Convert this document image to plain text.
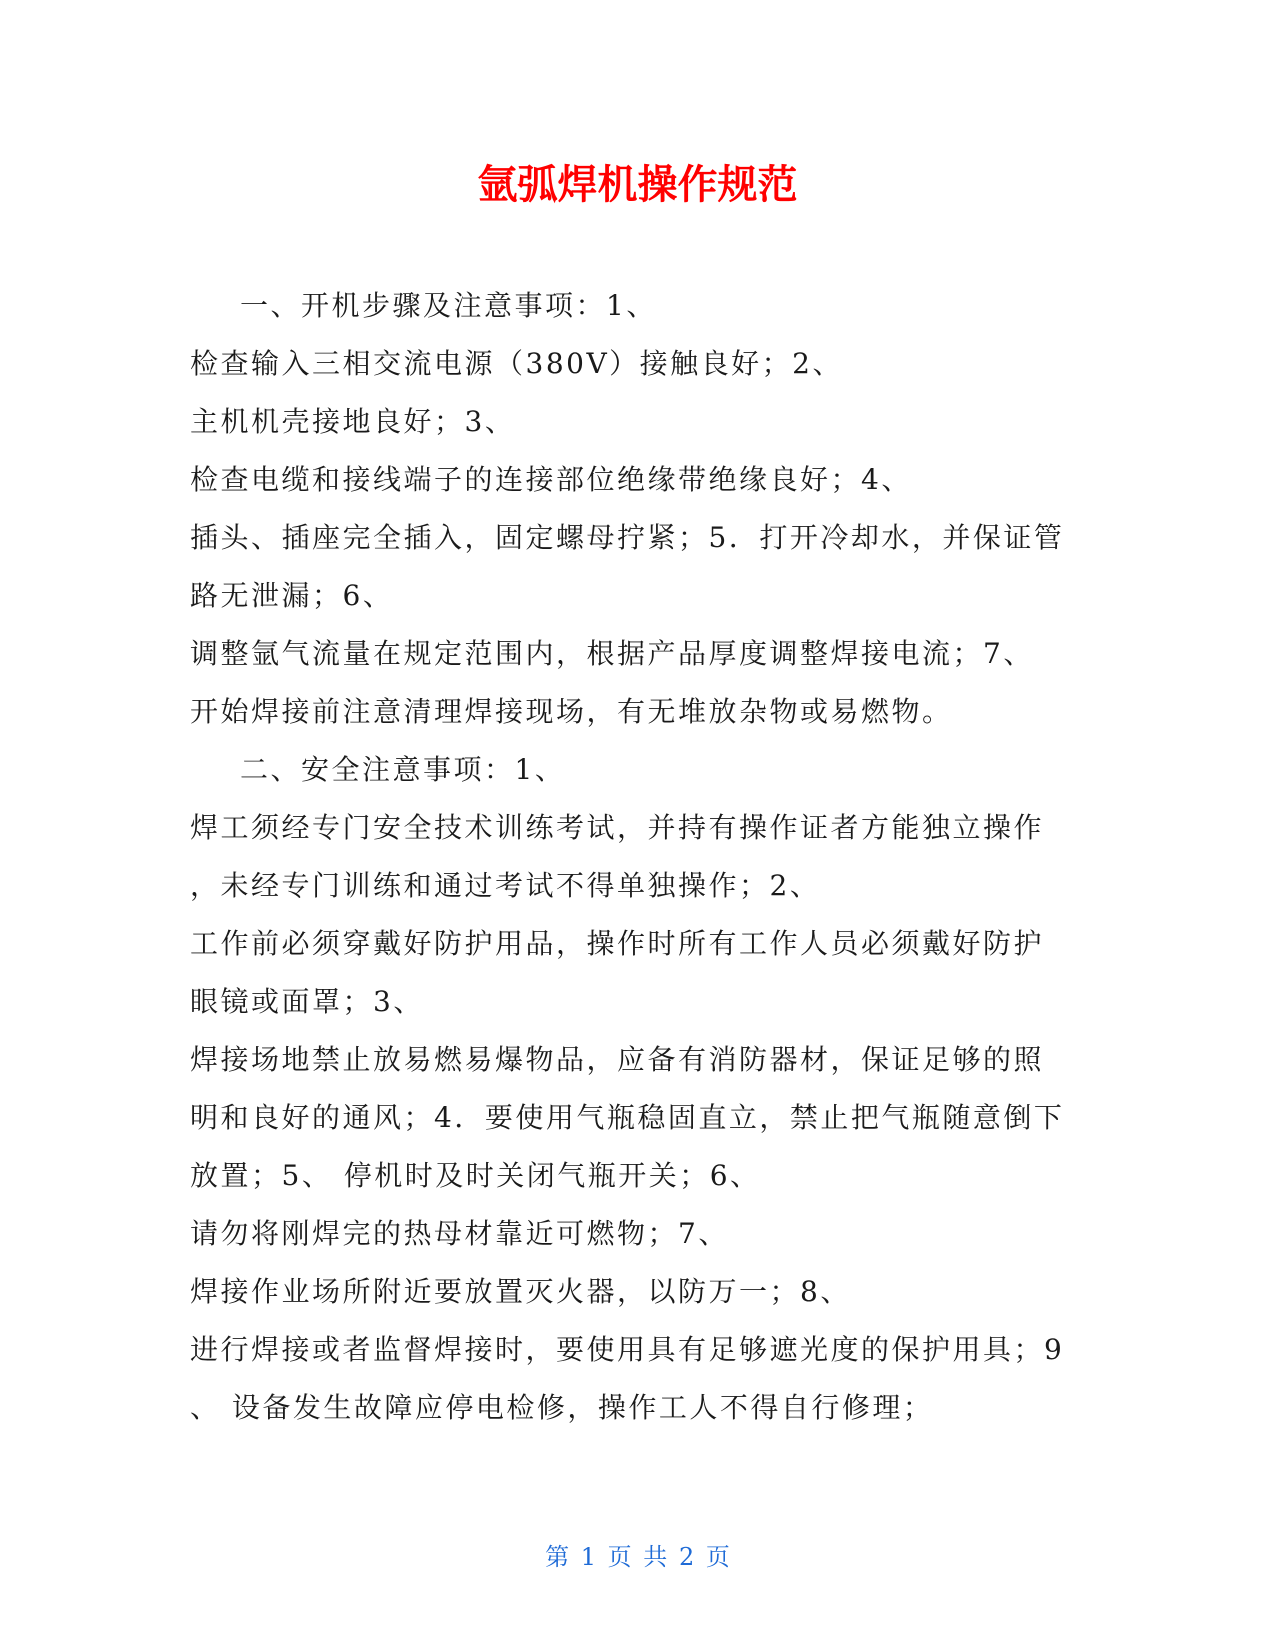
氩弧焊机操作规范
一、开机步骤及注意事项：1、
检查输入三相交流电源（380V）接触良好；2、
主机机壳接地良好；3、
检查电缆和接线端子的连接部位绝缘带绝缘良好；4、
插头、插座完全插入，固定螺母拧紧；5．打开冷却水，并保证管
路无泄漏；6、
调整氩气流量在规定范围内，根据产品厚度调整焊接电流；7、
开始焊接前注意清理焊接现场，有无堆放杂物或易燃物。
二、安全注意事项：1、
焊工须经专门安全技术训练考试，并持有操作证者方能独立操作
，未经专门训练和通过考试不得单独操作；2、
工作前必须穿戴好防护用品，操作时所有工作人员必须戴好防护
眼镜或面罩；3、
焊接场地禁止放易燃易爆物品，应备有消防器材，保证足够的照
明和良好的通风；4．要使用气瓶稳固直立，禁止把气瓶随意倒下
放置；5、 停机时及时关闭气瓶开关；6、
请勿将刚焊完的热母材靠近可燃物；7、
焊接作业场所附近要放置灭火器，以防万一；8、
进行焊接或者监督焊接时，要使用具有足够遮光度的保护用具；9
、 设备发生故障应停电检修，操作工人不得自行修理；
第 1 页 共 2 页
